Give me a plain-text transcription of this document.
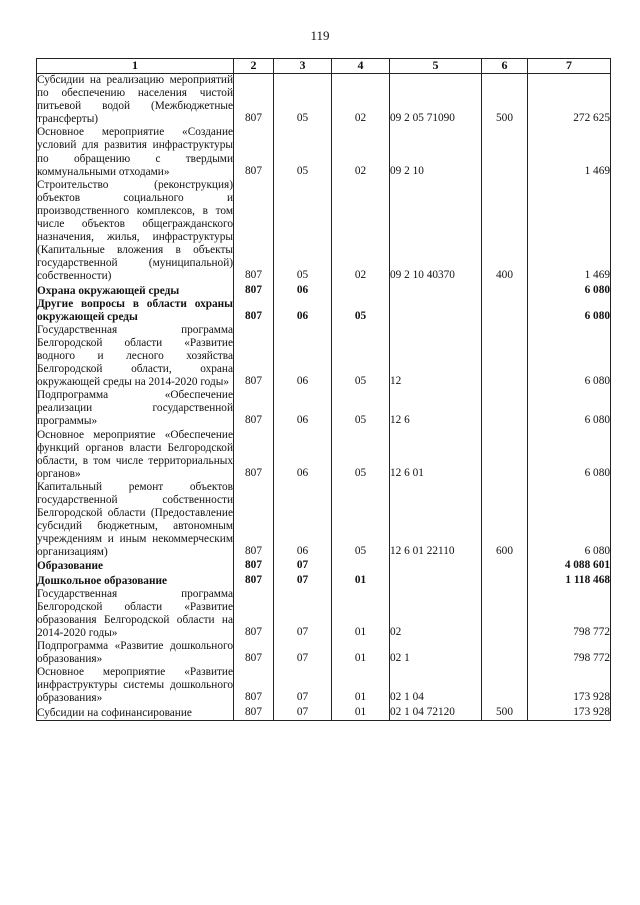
119
1	2	3	4	5	6	7

Субсидии на реализацию мероприятий по обеспечению населения чистой питьевой водой (Межбюджетные трансферты)	807	05	02	09 2 05 71090	500	272 625

Основное мероприятие «Создание условий для развития инфраструктуры по обращению с твердыми коммунальными отходами»	807	05	02	09 2 10		1 469

Строительство (реконструкция) объектов социального и производственного комплексов, в том числе объектов общегражданского назначения, жилья, инфраструктуры (Капитальные вложения в объекты государственной (муниципальной) собственности)	807	05	02	09 2 10 40370	400	1 469

Охрана окружающей среды	807	06				6 080

Другие вопросы в области охраны окружающей среды	807	06	05			6 080

Государственная программа Белгородской области «Развитие водного и лесного хозяйства Белгородской области, охрана окружающей среды на 2014-2020 годы»	807	06	05	12		6 080

Подпрограмма «Обеспечение реализации государственной программы»	807	06	05	12 6		6 080

Основное мероприятие «Обеспечение функций органов власти Белгородской области, в том числе территориальных органов»	807	06	05	12 6 01		6 080

Капитальный ремонт объектов государственной собственности Белгородской области (Предоставление субсидий бюджетным, автономным учреждениям и иным некоммерческим организациям)	807	06	05	12 6 01 22110	600	6 080

Образование	807	07				4 088 601

Дошкольное образование	807	07	01			1 118 468

Государственная программа Белгородской области «Развитие образования Белгородской области на 2014-2020 годы»	807	07	01	02		798 772

Подпрограмма «Развитие дошкольного образования»	807	07	01	02 1		798 772

Основное мероприятие «Развитие инфраструктуры системы дошкольного образования»	807	07	01	02 1 04		173 928

Субсидии на софинансирование	807	07	01	02 1 04 72120	500	173 928
